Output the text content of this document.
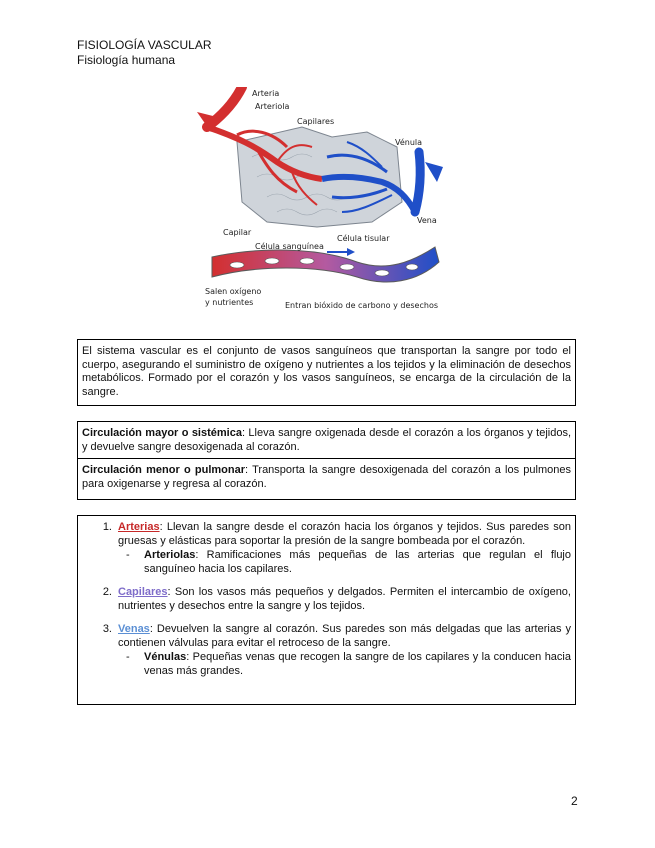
FISIOLOGÍA VASCULAR
Fisiología humana
Arteria
Arteriola
Capilares
Vénula
Vena
Capilar
Célula sanguínea
Célula tisular
Salen oxígeno
y nutrientes	Entran bióxido de carbono y desechos
El sistema vascular es el conjunto de vasos sanguíneos que transportan la sangre por todo el cuerpo, asegurando el suministro de oxígeno y nutrientes a los tejidos y la eliminación de desechos metabólicos. Formado por el corazón y los vasos sanguíneos, se encarga de la circulación de la sangre.
Circulación mayor o sistémica: Lleva sangre oxigenada desde el corazón a los órganos y tejidos, y devuelve sangre desoxigenada al corazón.
Circulación menor o pulmonar: Transporta la sangre desoxigenada del corazón a los pulmones para oxigenarse y regresa al corazón.
1. Arterias: Llevan la sangre desde el corazón hacia los órganos y tejidos. Sus paredes son gruesas y elásticas para soportar la presión de la sangre bombeada por el corazón.
-	Arteriolas: Ramificaciones más pequeñas de las arterias que regulan el flujo sanguíneo hacia los capilares.
2. Capilares: Son los vasos más pequeños y delgados. Permiten el intercambio de oxígeno, nutrientes y desechos entre la sangre y los tejidos.
3. Venas: Devuelven la sangre al corazón. Sus paredes son más delgadas que las arterias y contienen válvulas para evitar el retroceso de la sangre.
-	Vénulas: Pequeñas venas que recogen la sangre de los capilares y la conducen hacia venas más grandes.
2
